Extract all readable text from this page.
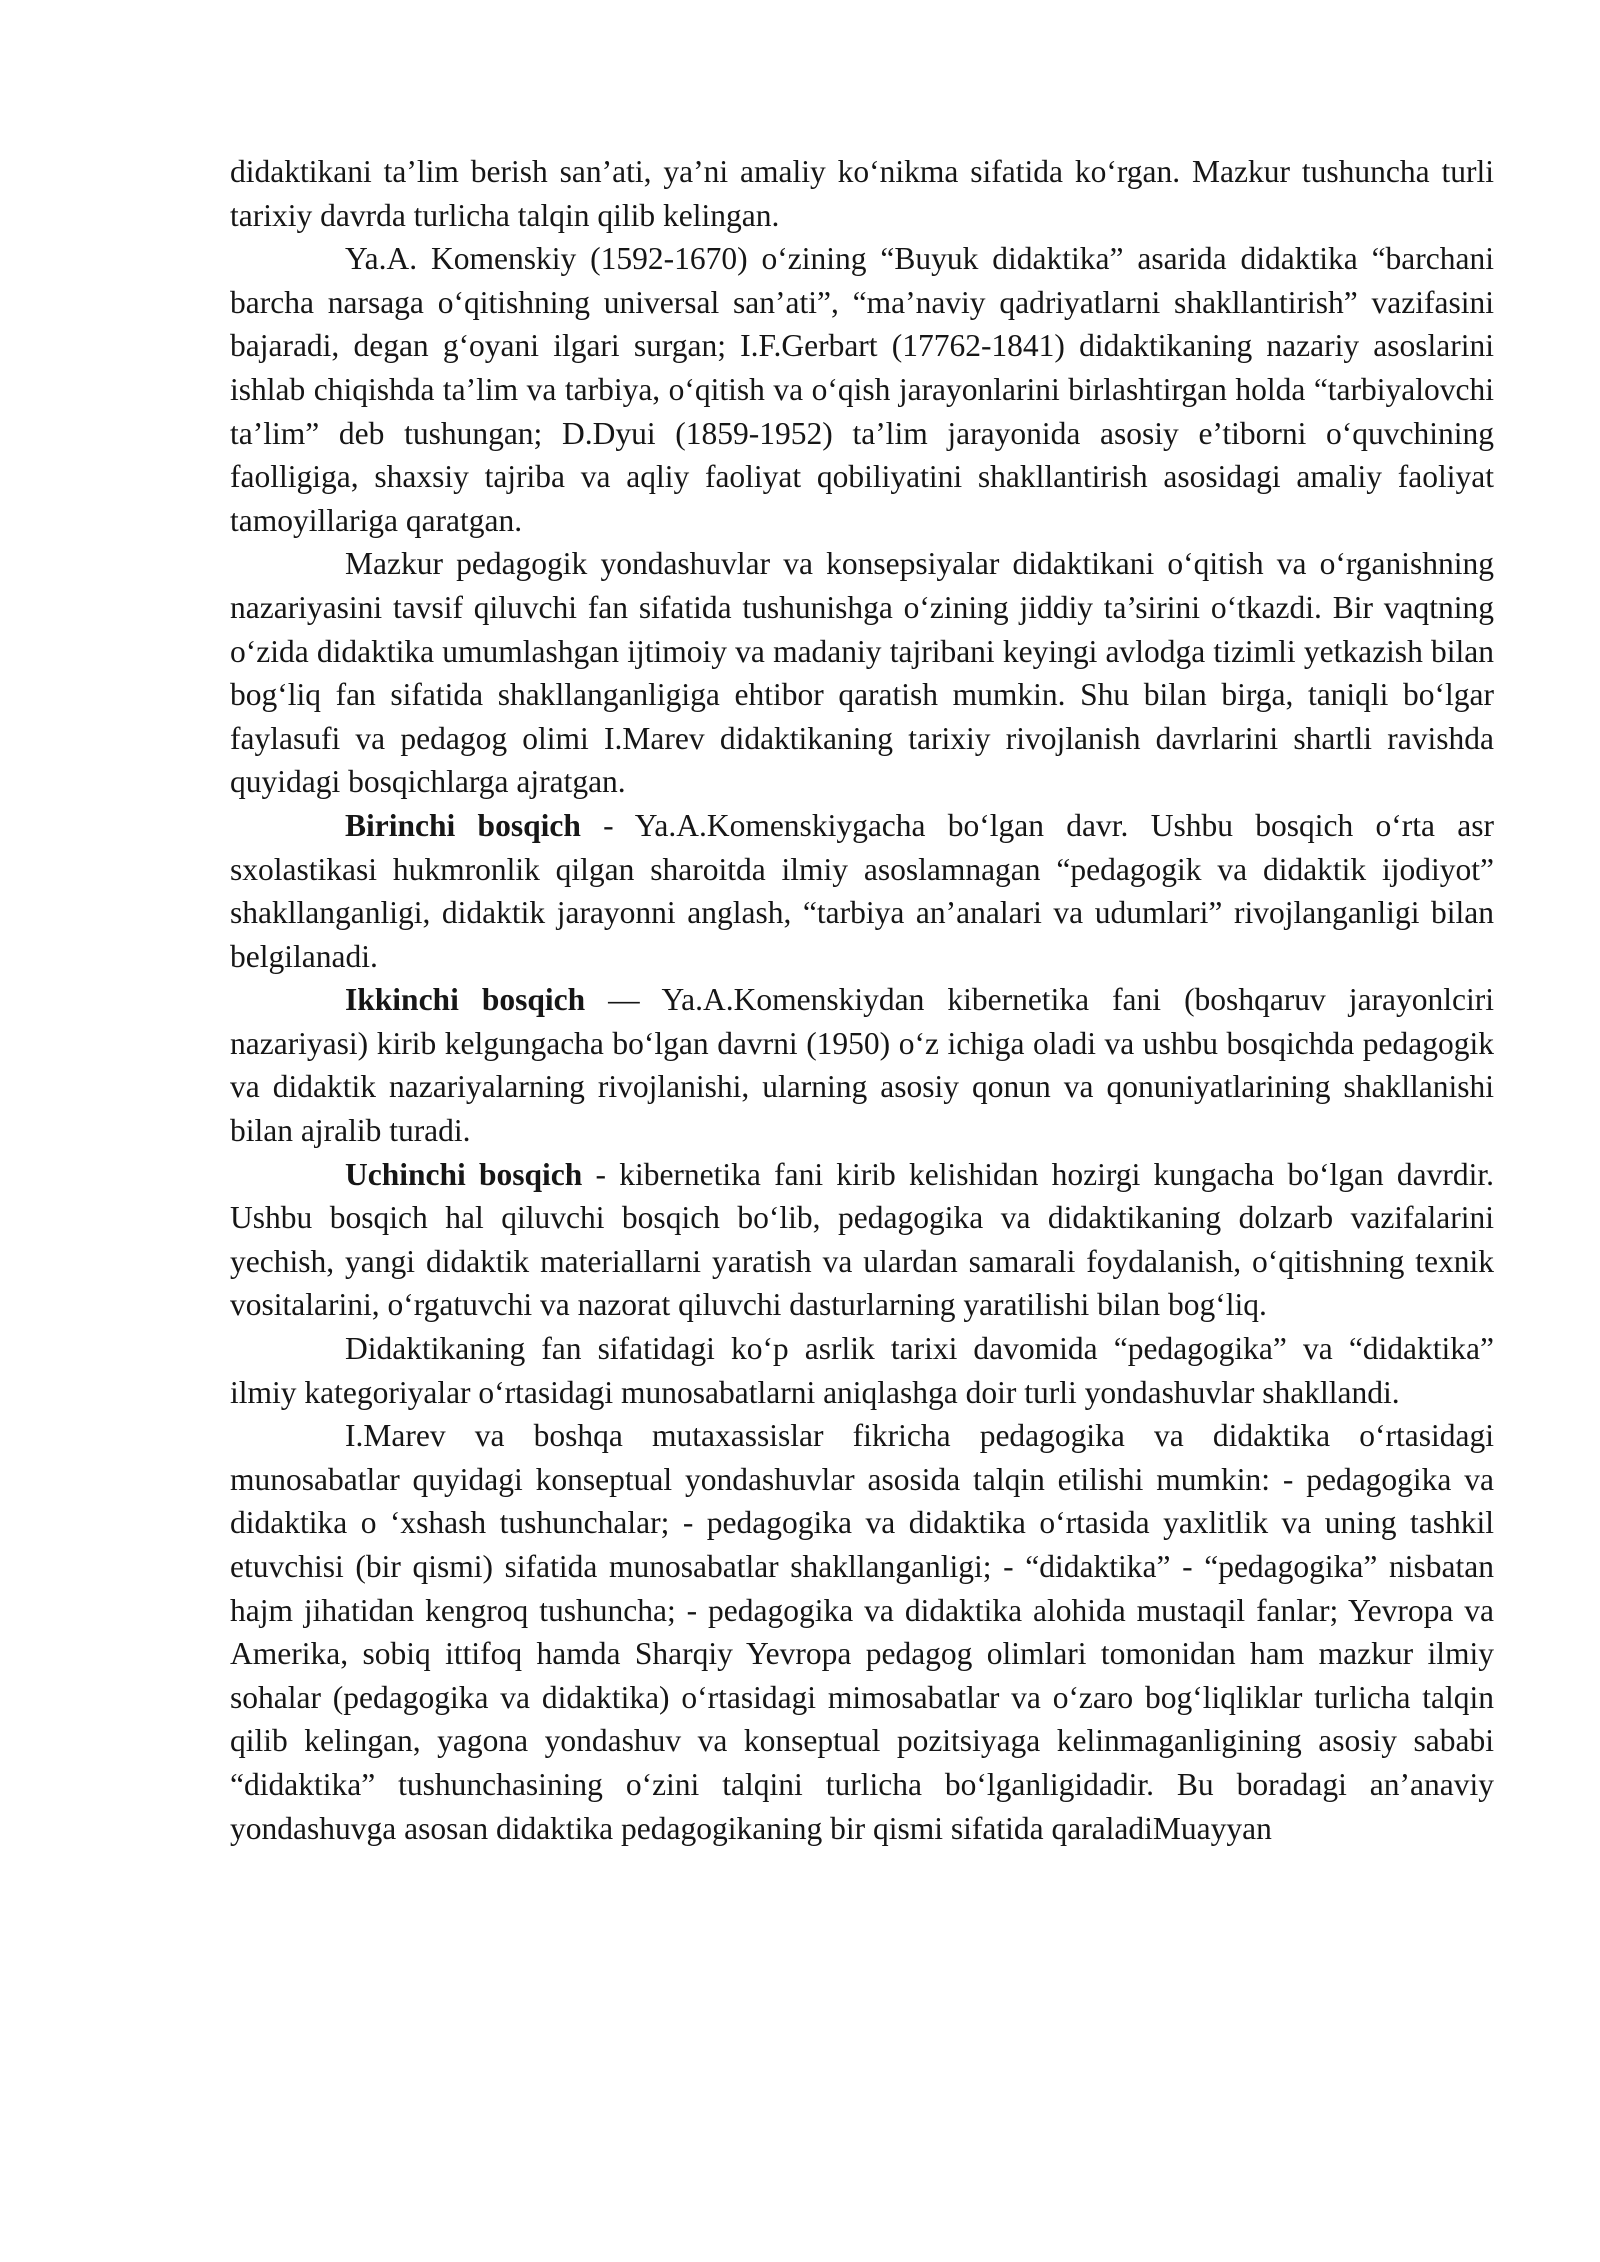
didaktikani ta’lim berish san’ati, ya’ni amaliy ko‘nikma sifatida ko‘rgan. Mazkur tushuncha turli tarixiy davrda turlicha talqin qilib kelingan.

Ya.A. Komenskiy (1592-1670) o‘zining “Buyuk didaktika” asarida didaktika “barchani barcha narsaga o‘qitishning universal san’ati”, “ma’naviy qadriyatlarni shakllantirish” vazifasini bajaradi, degan g‘oyani ilgari surgan; I.F.Gerbart (17762-1841) didaktikaning nazariy asoslarini ishlab chiqishda ta’lim va tarbiya, o‘qitish va o‘qish jarayonlarini birlashtirgan holda “tarbiyalovchi ta’lim” deb tushungan; D.Dyui (1859-1952) ta’lim jarayonida asosiy e’tiborni o‘quvchining faolligiga, shaxsiy tajriba va aqliy faoliyat qobiliyatini shakllantirish asosidagi amaliy faoliyat tamoyillariga qaratgan.

Mazkur pedagogik yondashuvlar va konsepsiyalar didaktikani o‘qitish va o‘rganishning nazariyasini tavsif qiluvchi fan sifatida tushunishga o‘zining jiddiy ta’sirini o‘tkazdi. Bir vaqtning o‘zida didaktika umumlashgan ijtimoiy va madaniy tajribani keyingi avlodga tizimli yetkazish bilan bog‘liq fan sifatida shakllanganligiga ehtibor qaratish mumkin. Shu bilan birga, taniqli bo‘lgar faylasufi va pedagog olimi I.Marev didaktikaning tarixiy rivojlanish davrlarini shartli ravishda quyidagi bosqichlarga ajratgan.

Birinchi bosqich - Ya.A.Komenskiygacha bo‘lgan davr. Ushbu bosqich o‘rta asr sxolastikasi hukmronlik qilgan sharoitda ilmiy asoslamnagan “pedagogik va didaktik ijodiyot” shakllanganligi, didaktik jarayonni anglash, “tarbiya an’analari va udumlari” rivojlanganligi bilan belgilanadi.

Ikkinchi bosqich — Ya.A.Komenskiydan kibernetika fani (boshqaruv jarayonlciri nazariyasi) kirib kelgungacha bo‘lgan davrni (1950) o‘z ichiga oladi va ushbu bosqichda pedagogik va didaktik nazariyalarning rivojlanishi, ularning asosiy qonun va qonuniyatlarining shakllanishi bilan ajralib turadi.

Uchinchi bosqich - kibernetika fani kirib kelishidan hozirgi kungacha bo‘lgan davrdir. Ushbu bosqich hal qiluvchi bosqich bo‘lib, pedagogika va didaktikaning dolzarb vazifalarini yechish, yangi didaktik materiallarni yaratish va ulardan samarali foydalanish, o‘qitishning texnik vositalarini, o‘rgatuvchi va nazorat qiluvchi dasturlarning yaratilishi bilan bog‘liq.

Didaktikaning fan sifatidagi ko‘p asrlik tarixi davomida “pedagogika” va “didaktika” ilmiy kategoriyalar o‘rtasidagi munosabatlarni aniqlashga doir turli yondashuvlar shakllandi.

I.Marev va boshqa mutaxassislar fikricha pedagogika va didaktika o‘rtasidagi munosabatlar quyidagi konseptual yondashuvlar asosida talqin etilishi mumkin: - pedagogika va didaktika o ‘xshash tushunchalar; - pedagogika va didaktika o‘rtasida yaxlitlik va uning tashkil etuvchisi (bir qismi) sifatida munosabatlar shakllanganligi; - “didaktika” - “pedagogika” nisbatan hajm jihatidan kengroq tushuncha; - pedagogika va didaktika alohida mustaqil fanlar; Yevropa va Amerika, sobiq ittifoq hamda Sharqiy Yevropa pedagog olimlari tomonidan ham mazkur ilmiy sohalar (pedagogika va didaktika) o‘rtasidagi mimosabatlar va o‘zaro bog‘liqliklar turlicha talqin qilib kelingan, yagona yondashuv va konseptual pozitsiyaga kelinmaganligining asosiy sababi “didaktika” tushunchasining o‘zini talqini turlicha bo‘lganligidadir. Bu boradagi an’anaviy yondashuvga asosan didaktika pedagogikaning bir qismi sifatida qaraladiMuayyan
